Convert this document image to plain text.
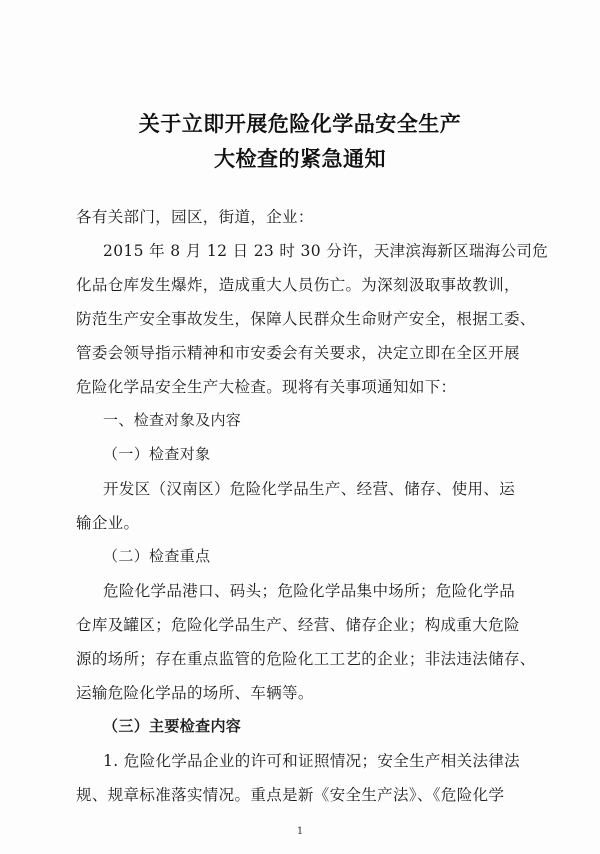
关于立即开展危险化学品安全生产
大检查的紧急通知
各有关部门，园区，街道，企业：
2015 年 8 月 12 日 23 时 30 分许，天津滨海新区瑞海公司危
化品仓库发生爆炸，造成重大人员伤亡。为深刻汲取事故教训，
防范生产安全事故发生，保障人民群众生命财产安全，根据工委、
管委会领导指示精神和市安委会有关要求，决定立即在全区开展
危险化学品安全生产大检查。现将有关事项通知如下：
一、检查对象及内容
（一）检查对象
开发区（汉南区）危险化学品生产、经营、储存、使用、运
输企业。
（二）检查重点
危险化学品港口、码头；危险化学品集中场所；危险化学品
仓库及罐区；危险化学品生产、经营、储存企业；构成重大危险
源的场所；存在重点监管的危险化工工艺的企业；非法违法储存、
运输危险化学品的场所、车辆等。
（三）主要检查内容
1. 危险化学品企业的许可和证照情况；安全生产相关法律法
规、规章标准落实情况。重点是新《安全生产法》、《危险化学
1
